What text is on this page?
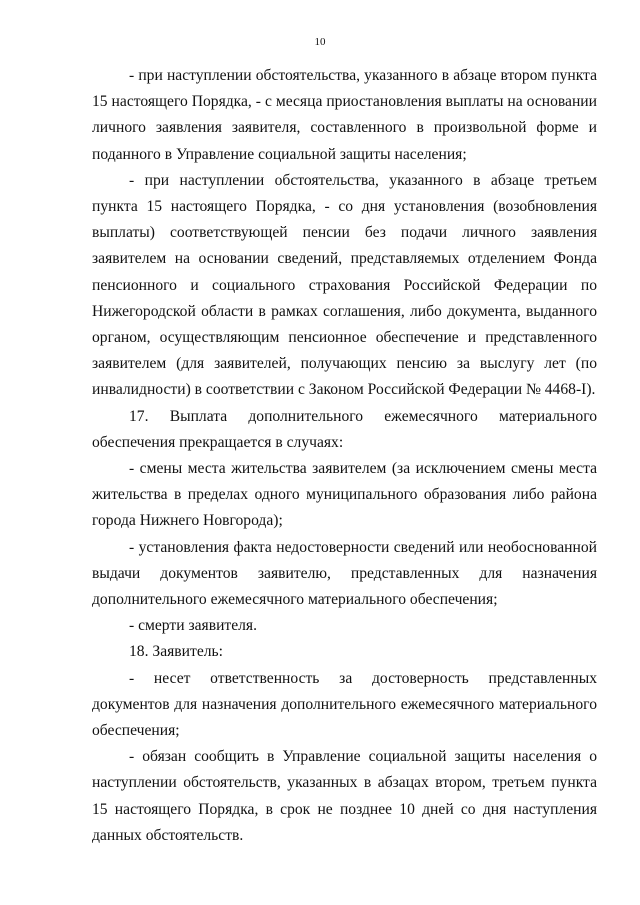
10

- при наступлении обстоятельства, указанного в абзаце втором пункта 15 настоящего Порядка, - с месяца приостановления выплаты на основании личного заявления заявителя, составленного в произвольной форме и поданного в Управление социальной защиты населения;

- при наступлении обстоятельства, указанного в абзаце третьем пункта 15 настоящего Порядка, - со дня установления (возобновления выплаты) соответствующей пенсии без подачи личного заявления заявителем на основании сведений, представляемых отделением Фонда пенсионного и социального страхования Российской Федерации по Нижегородской области в рамках соглашения, либо документа, выданного органом, осуществляющим пенсионное обеспечение и представленного заявителем (для заявителей, получающих пенсию за выслугу лет (по инвалидности) в соответствии с Законом Российской Федерации № 4468-I).

17. Выплата дополнительного ежемесячного материального обеспечения прекращается в случаях:

- смены места жительства заявителем (за исключением смены места жительства в пределах одного муниципального образования либо района города Нижнего Новгорода);

- установления факта недостоверности сведений или необоснованной выдачи документов заявителю, представленных для назначения дополнительного ежемесячного материального обеспечения;

- смерти заявителя.

18. Заявитель:

- несет ответственность за достоверность представленных документов для назначения дополнительного ежемесячного материального обеспечения;

- обязан сообщить в Управление социальной защиты населения о наступлении обстоятельств, указанных в абзацах втором, третьем пункта 15 настоящего Порядка, в срок не позднее 10 дней со дня наступления данных обстоятельств.
